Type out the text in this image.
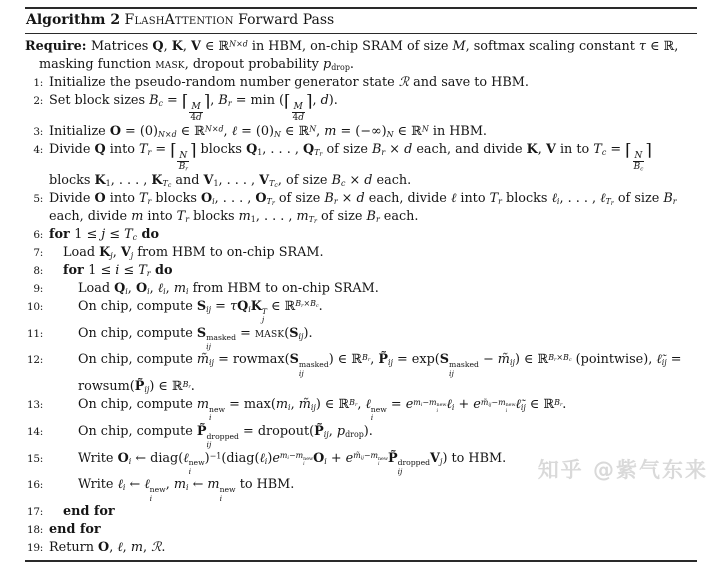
Algorithm 2 FlashAttention Forward Pass
Require: Matrices Q, K, V ∈ ℝ$^{N\times d}$ in HBM, on-chip SRAM of size M, softmax scaling constant τ ∈ ℝ, masking function mask, dropout probability $p_{drop}$.
1: Initialize the pseudo-random number generator state ℛ and save to HBM.
2: Set block sizes $B_c$ = ⌈
$\frac{M}{4d}$
⌉, $B_r = \min$ (⌈
$\frac{M}{4d}$
⌉, d).
3: Initialize $O = (0)_{N\times d}$ ∈ ℝ$^{N\times d}$, ℓ = $(0)_N$ ∈ ℝ$^N$, $m = (-\infty)_N$ ∈ ℝ$^N$ in HBM.
4: Divide Q into $T_r$ = ⌈
$\frac{N}{B_r}$
⌉ blocks $Q_1$, . . . , $Q_{T_r}$ of size $B_r \times d$ each, and divide K, V in to $T_c$ = ⌈
$\frac{N}{B_c}$
⌉ blocks $K_1$, . . . , $K_{T_c}$ and $V_1$, . . . , $V_{T_c}$, of size $B_c \times d$ each.
5: Divide O into $T_r$ blocks $O_i$, . . . , $O_{T_r}$ of size $B_r \times d$ each, divide ℓ into $T_r$ blocks ℓ$_i$, . . . , ℓ$_{T_r}$ of size $B_r$ each, divide m into $T_r$ blocks $m_1$, . . . , $m_{T_r}$ of size $B_r$ each.
6: for $1 \le j \le T_c$ do
7: Load $K_j$, $V_j$ from HBM to on-chip SRAM.
8: for $1 \le i \le T_r$ do
9:	Load $Q_i$, $O_i$, ℓ$_i$, $m_i$ from HBM to on-chip SRAM.
10:	On chip, compute $S_{ij} = \tau Q_iK$ T
j
∈ ℝ$^{B_r\times B_c}$.
11:	On chip, compute S masked
ij
= $mask(S_{ij})$.
12:	On chip, compute $m̃_{ij} = rowmax(S$ masked
ij
) ∈ ℝ$^{B_r}$, $P̃_{ij} = \exp(S$ masked
ij
− $m̃_{ij}$) ∈ ℝ$^{B_r\times B_c}$ (pointwise), $\ell̃_{ij}$ = $rowsum(P̃_{ij})$ ∈ ℝ$^{B_r}$.
13:	On chip, compute m new
i
= $\max(m_i$, $m̃_{ij}$) ∈ ℝ$^{B_r}$, ℓ new
i
= $e^{m_i-m new i}$ ℓ$_i$ + $e^{m̃_{ij}-m new i}$ $\ell̃_{ij}$ ∈ ℝ$^{B_r}$.
14:	On chip, compute P̃ dropped
ij
= $dropout(P̃_{ij}$, $p_{drop}$).
15:	Write $O_i$ ← diag(ℓ new
i
)$^{-1}(diag(\ell_i)e^{m_i-m new i}$ $O_i + e^{m̃_{ij}-m new i}$ P̃ dropped
ij
$V_j$) to HBM.
16:	Write ℓ$_i$ ← ℓ new
i
, $m_i$ ← m new
i
to HBM.
17: end for
18: end for
19: Return O, ℓ, m, ℛ.
知乎 @紫气东来
